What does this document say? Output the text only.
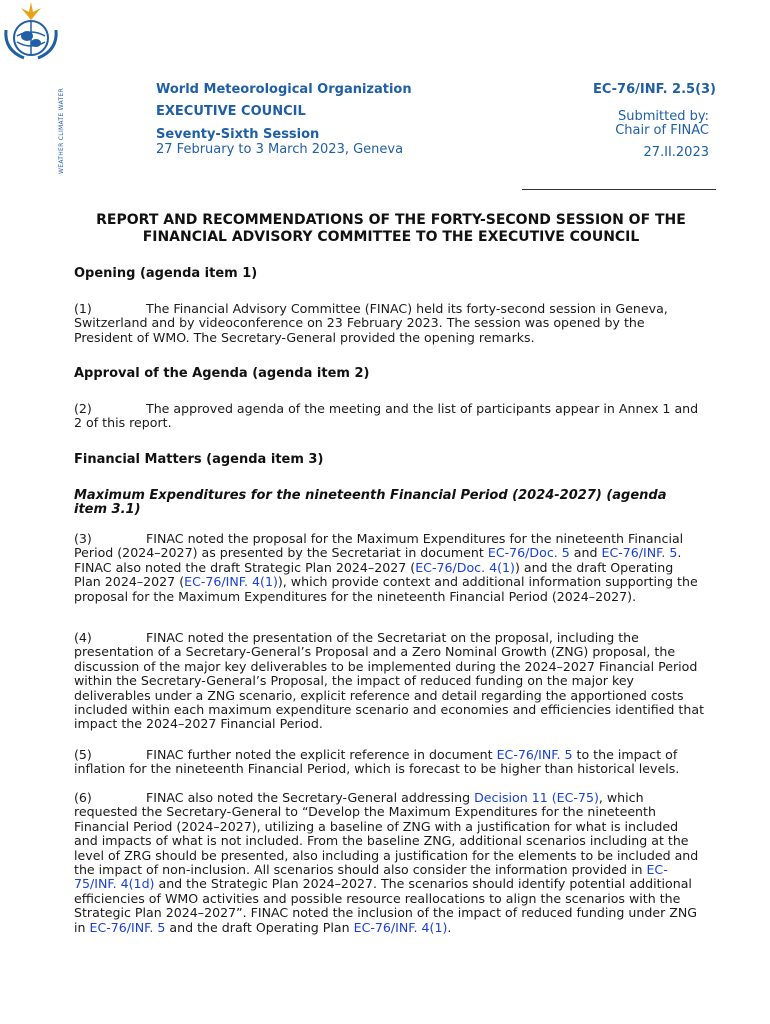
WEATHER CLIMATE WATER	World Meteorological Organization
EXECUTIVE COUNCIL
Seventy-Sixth Session
27 February to 3 March 2023, Geneva
EC-76/INF. 2.5(3)
Submitted by:
Chair of FINAC
27.II.2023
REPORT AND RECOMMENDATIONS OF THE FORTY-SECOND SESSION OF THE FINANCIAL ADVISORY COMMITTEE TO THE EXECUTIVE COUNCIL
Opening (agenda item 1)
(1)	The Financial Advisory Committee (FINAC) held its forty-second session in Geneva, Switzerland and by videoconference on 23 February 2023. The session was opened by the President of WMO. The Secretary-General provided the opening remarks.
Approval of the Agenda (agenda item 2)
(2)	The approved agenda of the meeting and the list of participants appear in Annex 1 and 2 of this report.
Financial Matters (agenda item 3)
Maximum Expenditures for the nineteenth Financial Period (2024-2027) (agenda item 3.1)
(3)	FINAC noted the proposal for the Maximum Expenditures for the nineteenth Financial Period (2024–2027) as presented by the Secretariat in document EC-76/Doc. 5 and EC-76/INF. 5. FINAC also noted the draft Strategic Plan 2024–2027 (EC-76/Doc. 4(1)) and the draft Operating Plan 2024–2027 (EC-76/INF. 4(1)), which provide context and additional information supporting the proposal for the Maximum Expenditures for the nineteenth Financial Period (2024–2027).
(4)	FINAC noted the presentation of the Secretariat on the proposal, including the presentation of a Secretary-General’s Proposal and a Zero Nominal Growth (ZNG) proposal, the discussion of the major key deliverables to be implemented during the 2024–2027 Financial Period within the Secretary-General’s Proposal, the impact of reduced funding on the major key deliverables under a ZNG scenario, explicit reference and detail regarding the apportioned costs included within each maximum expenditure scenario and economies and efficiencies identified that impact the 2024–2027 Financial Period.
(5)	FINAC further noted the explicit reference in document EC-76/INF. 5 to the impact of inflation for the nineteenth Financial Period, which is forecast to be higher than historical levels.
(6)	FINAC also noted the Secretary-General addressing Decision 11 (EC-75), which requested the Secretary-General to “Develop the Maximum Expenditures for the nineteenth Financial Period (2024–2027), utilizing a baseline of ZNG with a justification for what is included and impacts of what is not included. From the baseline ZNG, additional scenarios including at the level of ZRG should be presented, also including a justification for the elements to be included and the impact of non-inclusion. All scenarios should also consider the information provided in EC-75/INF. 4(1d) and the Strategic Plan 2024–2027. The scenarios should identify potential additional efficiencies of WMO activities and possible resource reallocations to align the scenarios with the Strategic Plan 2024–2027”. FINAC noted the inclusion of the impact of reduced funding under ZNG in EC-76/INF. 5 and the draft Operating Plan EC-76/INF. 4(1).
